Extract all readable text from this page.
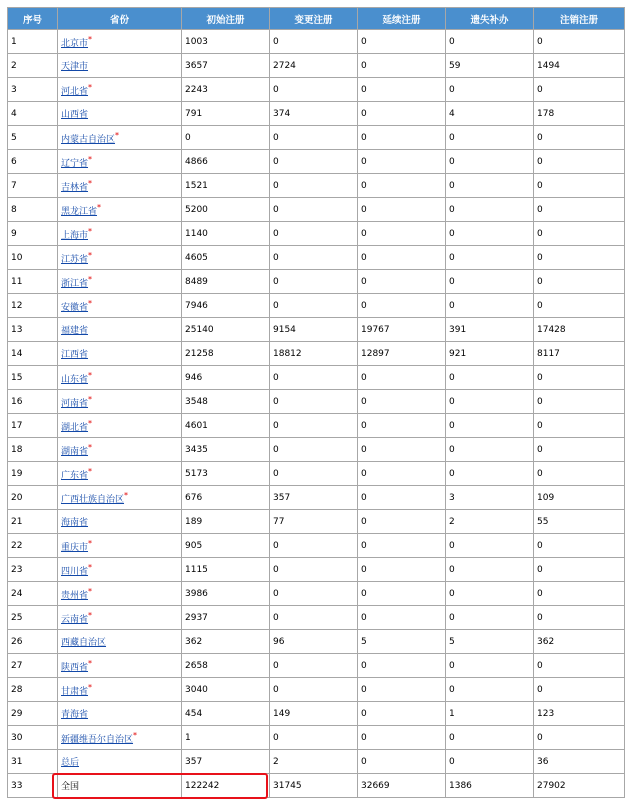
序号	省份	初始注册	变更注册	延续注册	遗失补办	注销注册
1	北京市*	1003	0	0	0	0
2	天津市	3657	2724	0	59	1494
3	河北省*	2243	0	0	0	0
4	山西省	791	374	0	4	178
5	内蒙古自治区*	0	0	0	0	0
6	辽宁省*	4866	0	0	0	0
7	吉林省*	1521	0	0	0	0
8	黑龙江省*	5200	0	0	0	0
9	上海市*	1140	0	0	0	0
10	江苏省*	4605	0	0	0	0
11	浙江省*	8489	0	0	0	0
12	安徽省*	7946	0	0	0	0
13	福建省	25140	9154	19767	391	17428
14	江西省	21258	18812	12897	921	8117
15	山东省*	946	0	0	0	0
16	河南省*	3548	0	0	0	0
17	湖北省*	4601	0	0	0	0
18	湖南省*	3435	0	0	0	0
19	广东省*	5173	0	0	0	0
20	广西壮族自治区*	676	357	0	3	109
21	海南省	189	77	0	2	55
22	重庆市*	905	0	0	0	0
23	四川省*	1115	0	0	0	0
24	贵州省*	3986	0	0	0	0
25	云南省*	2937	0	0	0	0
26	西藏自治区	362	96	5	5	362
27	陕西省*	2658	0	0	0	0
28	甘肃省*	3040	0	0	0	0
29	青海省	454	149	0	1	123
30	新疆维吾尔自治区*	1	0	0	0	0
31	总后	357	2	0	0	36
33	全国	122242	31745	32669	1386	27902
